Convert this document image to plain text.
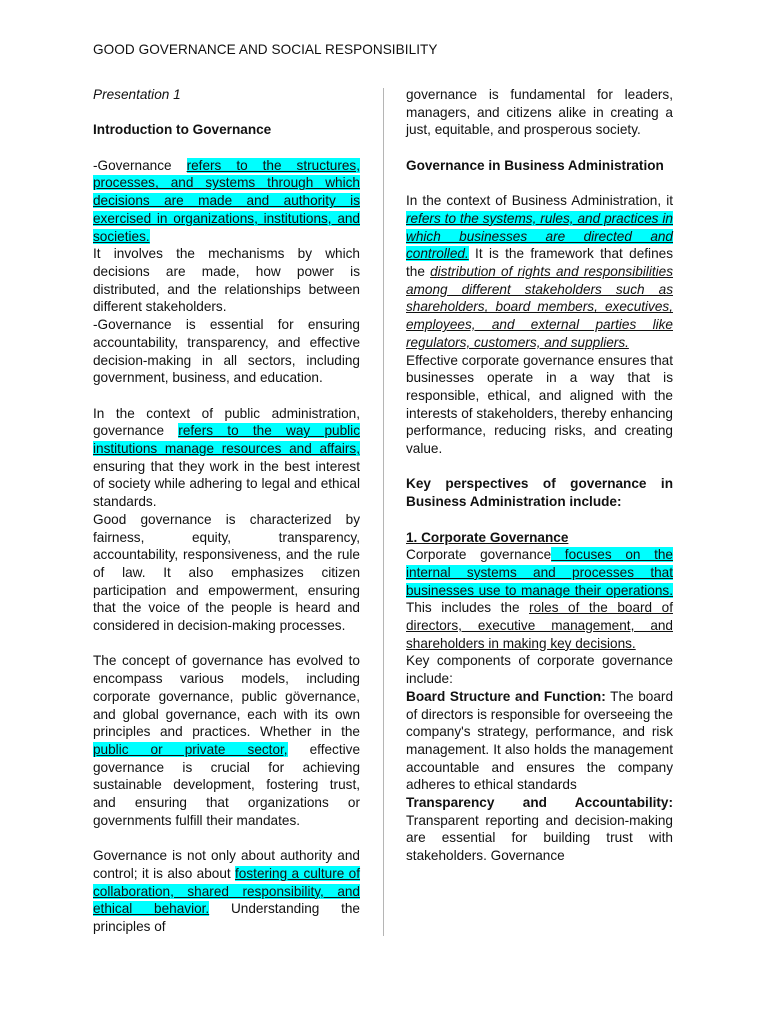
GOOD GOVERNANCE AND SOCIAL RESPONSIBILITY

Presentation 1

Introduction to Governance

-Governance refers to the structures, processes, and systems through which decisions are made and authority is exercised in organizations, institutions, and societies.

It involves the mechanisms by which decisions are made, how power is distributed, and the relationships between different stakeholders.

-Governance is essential for ensuring accountability, transparency, and effective decision-making in all sectors, including government, business, and education.

In the context of public administration, governance refers to the way public institutions manage resources and affairs, ensuring that they work in the best interest of society while adhering to legal and ethical standards.

Good governance is characterized by fairness, equity, transparency, accountability, responsiveness, and the rule of law. It also emphasizes citizen participation and empowerment, ensuring that the voice of the people is heard and considered in decision-making processes.

The concept of governance has evolved to encompass various models, including corporate governance, public gövernance, and global governance, each with its own principles and practices. Whether in the public or private sector, effective governance is crucial for achieving sustainable development, fostering trust, and ensuring that organizations or governments fulfill their mandates.

Governance is not only about authority and control; it is also about fostering a culture of collaboration, shared responsibility, and ethical behavior. Understanding the principles of

governance is fundamental for leaders, managers, and citizens alike in creating a just, equitable, and prosperous society.

Governance in Business Administration

In the context of Business Administration, it refers to the systems, rules, and practices in which businesses are directed and controlled. It is the framework that defines the distribution of rights and responsibilities among different stakeholders such as shareholders, board members, executives, employees, and external parties like regulators, customers, and suppliers.

Effective corporate governance ensures that businesses operate in a way that is responsible, ethical, and aligned with the interests of stakeholders, thereby enhancing performance, reducing risks, and creating value.

Key perspectives of governance in Business Administration include:

1. Corporate Governance

Corporate governance focuses on the internal systems and processes that businesses use to manage their operations. This includes the roles of the board of directors, executive management, and shareholders in making key decisions.

Key components of corporate governance include:

Board Structure and Function: The board of directors is responsible for overseeing the company's strategy, performance, and risk management. It also holds the management accountable and ensures the company adheres to ethical standards

Transparency and Accountability: Transparent reporting and decision-making are essential for building trust with stakeholders. Governance
